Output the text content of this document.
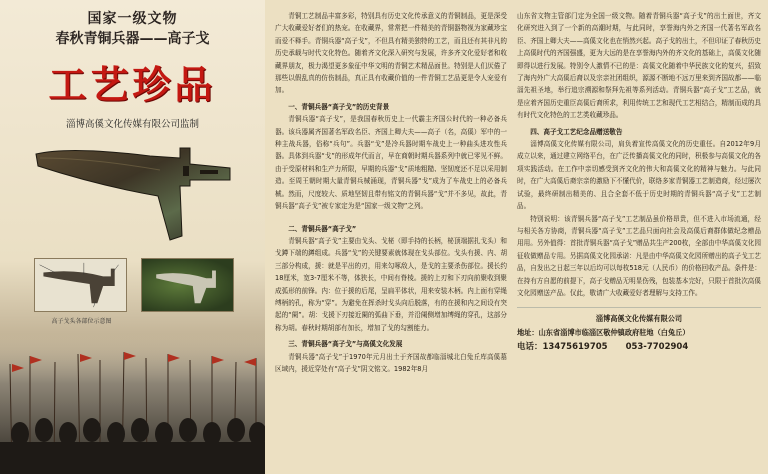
国家一级文物
春秋青铜兵器——高子戈
工艺珍品
淄博高傒文化传媒有限公司监制
高子戈头各部位示意图

青铜工艺制品丰富多彩，特别具有历史文化传承意义的青铜制品，更是深受广大收藏爱好者们的热宠。在收藏界，常常把一件精美的青铜器物视为家藏珍宝而爱不释手。青铜兵器“高子戈”，不但具有精美独特的工艺，而且还有其非凡的历史承载与时代文化特色。随着齐文化深入研究与发展，许多齐文化爱好者和收藏界朋友，极力渴望更多象征中华文明的青铜艺术精品面世。特别是人们厌倦了那些以假乱真的仿伤制品，真正具有收藏价值的一件青铜工艺品更是令人宠爱有加。

一、青铜兵器“高子戈”的历史背景

青铜兵器“高子戈”，是我国春秋历史上一代霸主齐国公时代的一种必备兵器。该兵器属齐国著名军政名臣、齐国上卿大夫——高子（名，高傒）军中的一种主战兵器，俗称“兵句”。兵器“戈”是冷兵器时期车战史上一种曲头进攻性兵器。具体到兵器“戈”的形成年代而言，早在商朝时期兵器系列中就已零见不鲜。由于受原材料和生产力所限，早期的兵器“戈”质地粗糙、坚韧度还不足以采用制造。至周王朝时期大量青铜兵械涌现，青铜兵器“戈”成为了车战史上的必备兵械。然而，尺度较大、质地坚韧且带有铭文的青铜兵器“戈”并不多见，故此，青铜兵器“高子戈”被专家定为是“国家一级文物”之列。

二、青铜兵器“高子戈”

青铜兵器“高子戈”主要由戈头、戈柲（即手持的长柄，柲顶端据扎戈头）和戈鐏下端的鐏组成。兵器“戈”的关键要素就体现在戈头部位。戈头有援、内、胡三部分构成，援：就是平出的刃，用来勾啄敌人，是戈的主要杀伤部位。援长约18厘米，宽3-7厘米不等，体狭长，中间有脊棱。援的上刃和下刃向前聚收到聚成弧形的前锋。内：位于援的后尾，呈扁平体状，用来安装木柄。内上面有穿绳缚柄的孔，称为“穿”。为避免在挥杀时戈头向后脱落，有的在援和内之间设有突起的“阑”。胡：戈援下刃接近阑的弧曲下垂，并沿阑侧增加缚绳的穿孔，这部分称为胡。春秋时期胡部有加长，增加了戈的勾割能力。

三、青铜兵器“高子戈”与高傒文化发展

青铜兵器“高子戈”于1970年元月出土于齐国故都临淄城北白兔丘库高傒墓区域内，援近穿处有“高子戈”阴文铭文。1982年8月

山东省文物主管部门定为全国一级文物。随着青铜兵器“高子戈”的出土面世，齐文化研究进入到了一个新的高潮时期，与此同时，享誉海内外之齐国一代著名军政名臣、齐国上卿大夫——高傒文化也在悄然兴起。高子戈的出土，不但印证了春秋历史上高傒时代的齐国强盛，更为大远的是在享誉海内外的齐文化的基础上，高傒文化随即得以进行发展。特别令人激情不已的是：高傒文化随着中华民族文化的复兴，招致了海内外广大高傒后裔以及宗亲社团组织，源源不断地不远万里来到齐国故都——临淄先祖圣地，举行追宗溯源和祭拜先祖等系列活动。青铜兵器“高子戈”工艺品，就是应着齐国历史重臣高傒后裔所求，利用传统工艺和现代工艺相结合，精制而成的具有时代文化特色的工艺类收藏珍品。

四、高子戈工艺纪念品赠送敬告

淄博高傒文化传媒有限公司，肩负着宣传高傒文化的历史重任。自2012年9月成立以来，通过建立网络平台，在广泛传播高傒文化的同时，积极参与高傒文化的各项实践活动。在工作中亲切感受到齐文化的伟大和高傒文化的精神与魅力。与此同时，在广大高傒后裔宗亲的激励下不懂代价，联络多家青铜器工艺制造商，经过屡次试验，最终研制出精美的、且合全套不低于历史时期的青铜兵器“高子戈”工艺制品。

特别说明：该青铜兵器“高子戈”工艺制品虽价格昂贵，但不进入市场流通，经与相关各方协商，青铜兵器“高子戈”工艺品只面向社会及高傒后裔群体做纪念赠品用用。另外值得：首批青铜兵器“高子戈”赠品共生产200枚，全部由中华高傒文化园征收做赠品专用。另据高傒文化园承诺：凡是由中华高傒文化园所赠出的高子戈工艺品，自发出之日起三年以后均可以每枚518元（人民币）的价格回收产品。条件是：在持有方自愿的前提下，高子戈赠品无明显伤残，包装基本完好，只限于首批次高傒文化园赠送产品。仅此，敬请广大收藏爱好者理解与支持工作。

淄博高傒文化传媒有限公司
地址：山东省淄博市临淄区敬仲镇政府驻地（白兔丘）
电话：13475619705 053-7702904
